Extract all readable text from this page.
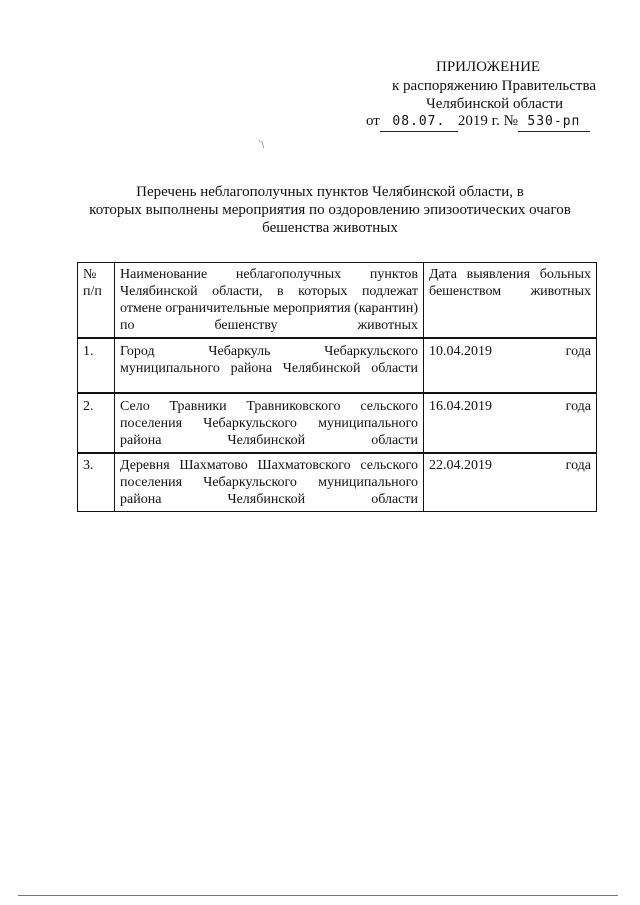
ПРИЛОЖЕНИЕ
к распоряжению Правительства
Челябинской области
от 08.07. 2019 г. № 530-рп
`\
Перечень неблагополучных пунктов Челябинской области, в
которых выполнены мероприятия по оздоровлению эпизоотических очагов
бешенства животных
№ п/п	Наименование неблагополучных пунктов Челябинской области, в которых подлежат отмене ограничительные мероприятия (карантин) по бешенству животных	Дата выявления больных бешенством животных
1.	Город Чебаркуль Чебаркульского муниципального района Челябинской области	10.04.2019 года
2.	Село Травники Травниковского сельского поселения Чебаркульского муниципального района Челябинской области	16.04.2019 года
3.	Деревня Шахматово Шахматовского сельского поселения Чебаркульского муниципального района Челябинской области	22.04.2019 года
